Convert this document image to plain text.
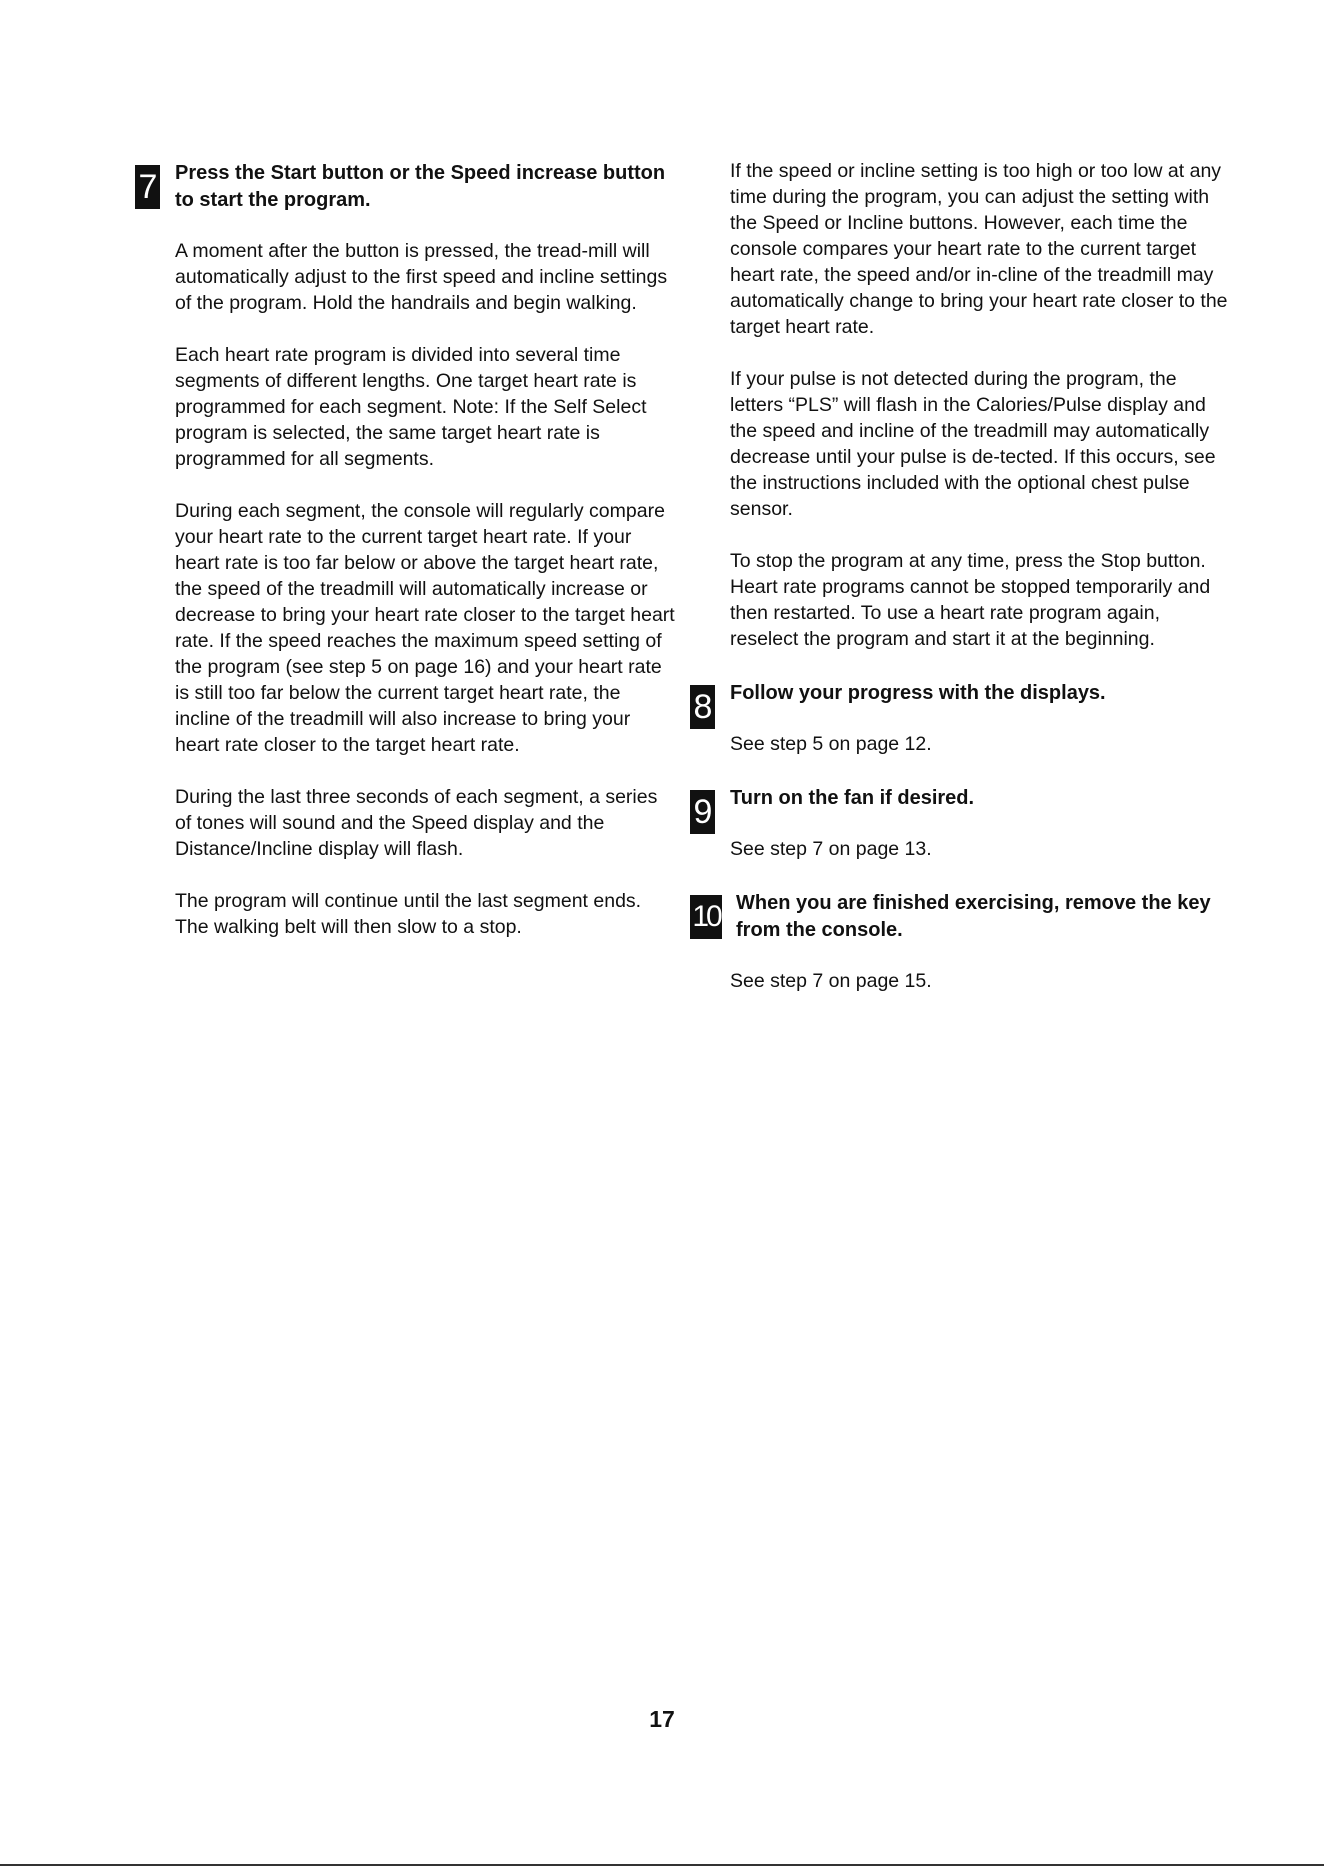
7 Press the Start button or the Speed increase button to start the program.

A moment after the button is pressed, the tread-mill will automatically adjust to the first speed and incline settings of the program. Hold the handrails and begin walking.

Each heart rate program is divided into several time segments of different lengths. One target heart rate is programmed for each segment. Note: If the Self Select program is selected, the same target heart rate is programmed for all segments.

During each segment, the console will regularly compare your heart rate to the current target heart rate. If your heart rate is too far below or above the target heart rate, the speed of the treadmill will automatically increase or decrease to bring your heart rate closer to the target heart rate. If the speed reaches the maximum speed setting of the program (see step 5 on page 16) and your heart rate is still too far below the current target heart rate, the incline of the treadmill will also increase to bring your heart rate closer to the target heart rate.

During the last three seconds of each segment, a series of tones will sound and the Speed display and the Distance/Incline display will flash.

The program will continue until the last segment ends. The walking belt will then slow to a stop.

If the speed or incline setting is too high or too low at any time during the program, you can adjust the setting with the Speed or Incline buttons. However, each time the console compares your heart rate to the current target heart rate, the speed and/or in-cline of the treadmill may automatically change to bring your heart rate closer to the target heart rate.

If your pulse is not detected during the program, the letters “PLS” will flash in the Calories/Pulse display and the speed and incline of the treadmill may automatically decrease until your pulse is de-tected. If this occurs, see the instructions included with the optional chest pulse sensor.

To stop the program at any time, press the Stop button. Heart rate programs cannot be stopped temporarily and then restarted. To use a heart rate program again, reselect the program and start it at the beginning.

8 Follow your progress with the displays.

See step 5 on page 12.

9 Turn on the fan if desired.

See step 7 on page 13.

10 When you are finished exercising, remove the key from the console.

See step 7 on page 15.

17
